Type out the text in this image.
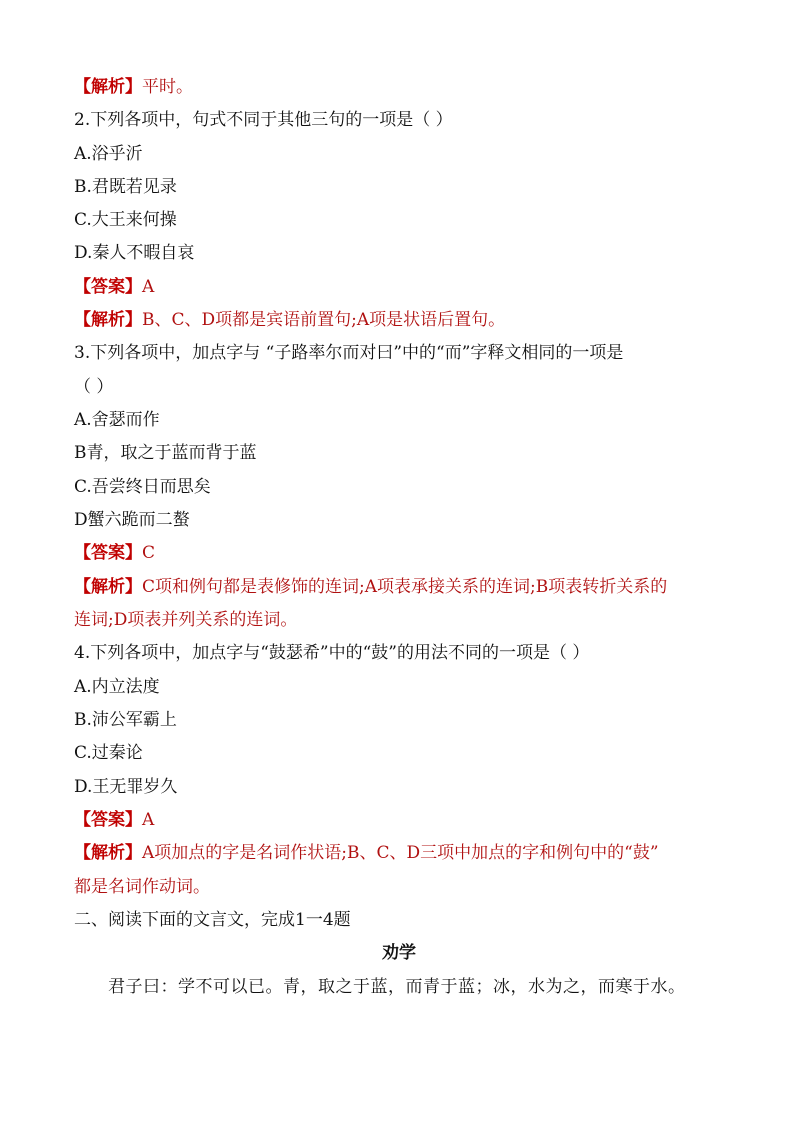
【解析】平时。
2.下列各项中，句式不同于其他三句的一项是（ ）
A.浴乎沂
B.君既若见录
C.大王来何操
D.秦人不暇自哀
【答案】A
【解析】B、C、D项都是宾语前置句;A项是状语后置句。
3.下列各项中，加点字与 “子路率尔而对曰”中的“而”字释文相同的一项是
（ ）
A.舍瑟而作
B青，取之于蓝而背于蓝
C.吾尝终日而思矣
D蟹六跪而二螯
【答案】C
【解析】C项和例句都是表修饰的连词;A项表承接关系的连词;B项表转折关系的
连词;D项表并列关系的连词。
4.下列各项中，加点字与“鼓瑟希”中的“鼓”的用法不同的一项是（ ）
A.内立法度
B.沛公军霸上
C.过秦论
D.王无罪岁久
【答案】A
【解析】A项加点的字是名词作状语;B、C、D三项中加点的字和例句中的“鼓”
都是名词作动词。
二、阅读下面的文言文，完成1一4题
劝学
君子曰：学不可以已。青，取之于蓝，而青于蓝；冰，水为之，而寒于水。
